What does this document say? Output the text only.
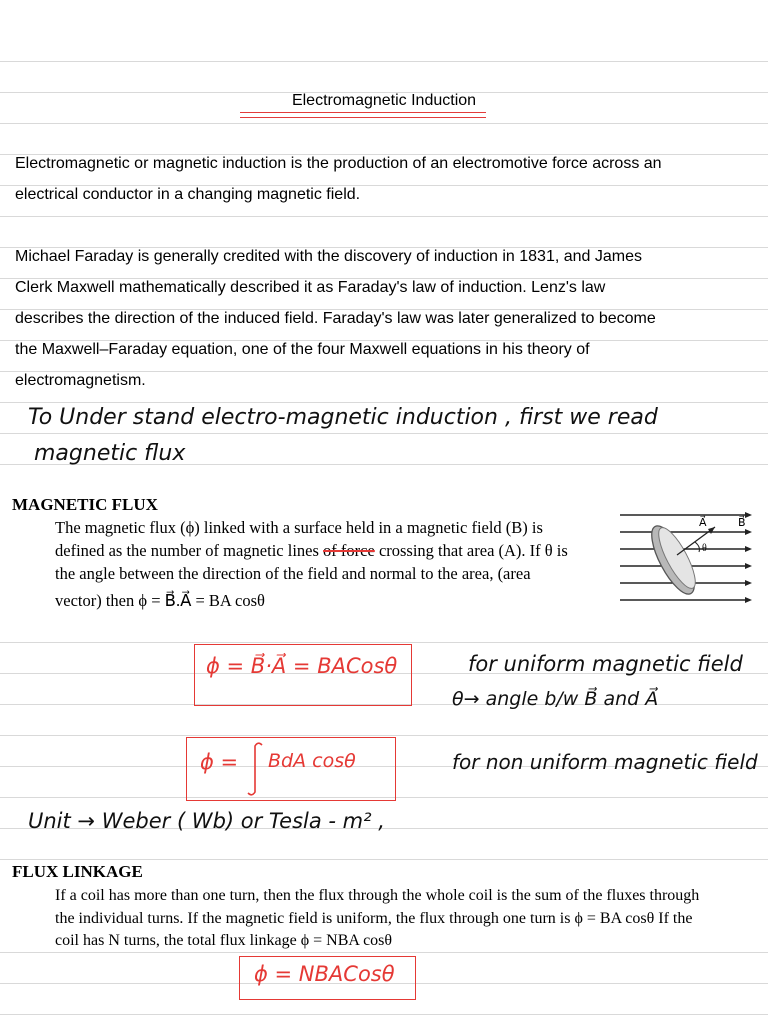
Electromagnetic Induction
Electromagnetic or magnetic induction is the production of an electromotive force across an
electrical conductor in a changing magnetic field.
Michael Faraday is generally credited with the discovery of induction in 1831, and James
Clerk Maxwell mathematically described it as Faraday's law of induction. Lenz's law
describes the direction of the induced field. Faraday's law was later generalized to become
the Maxwell–Faraday equation, one of the four Maxwell equations in his theory of
electromagnetism.
To Under stand electro-magnetic induction , first we read
magnetic flux
MAGNETIC FLUX
The magnetic flux (ϕ) linked with a surface held in a magnetic field (B) is
defined as the number of magnetic lines of force crossing that area (A). If θ is
the angle between the direction of the field and normal to the area, (area
vector) then ϕ = B⃗.A⃗ = BA cosθ
A⃗	B⃗
θ
ϕ = B⃗·A⃗ = BACosθ	for uniform magnetic field
θ→ angle b/w B⃗ and A⃗
ϕ = BdA cosθ	for non uniform magnetic field
Unit → Weber ( Wb) or Tesla - m² ,
FLUX LINKAGE
If a coil has more than one turn, then the flux through the whole coil is the sum of the fluxes through
the individual turns. If the magnetic field is uniform, the flux through one turn is ϕ = BA cosθ If the
coil has N turns, the total flux linkage ϕ = NBA cosθ
ϕ = NBACosθ
